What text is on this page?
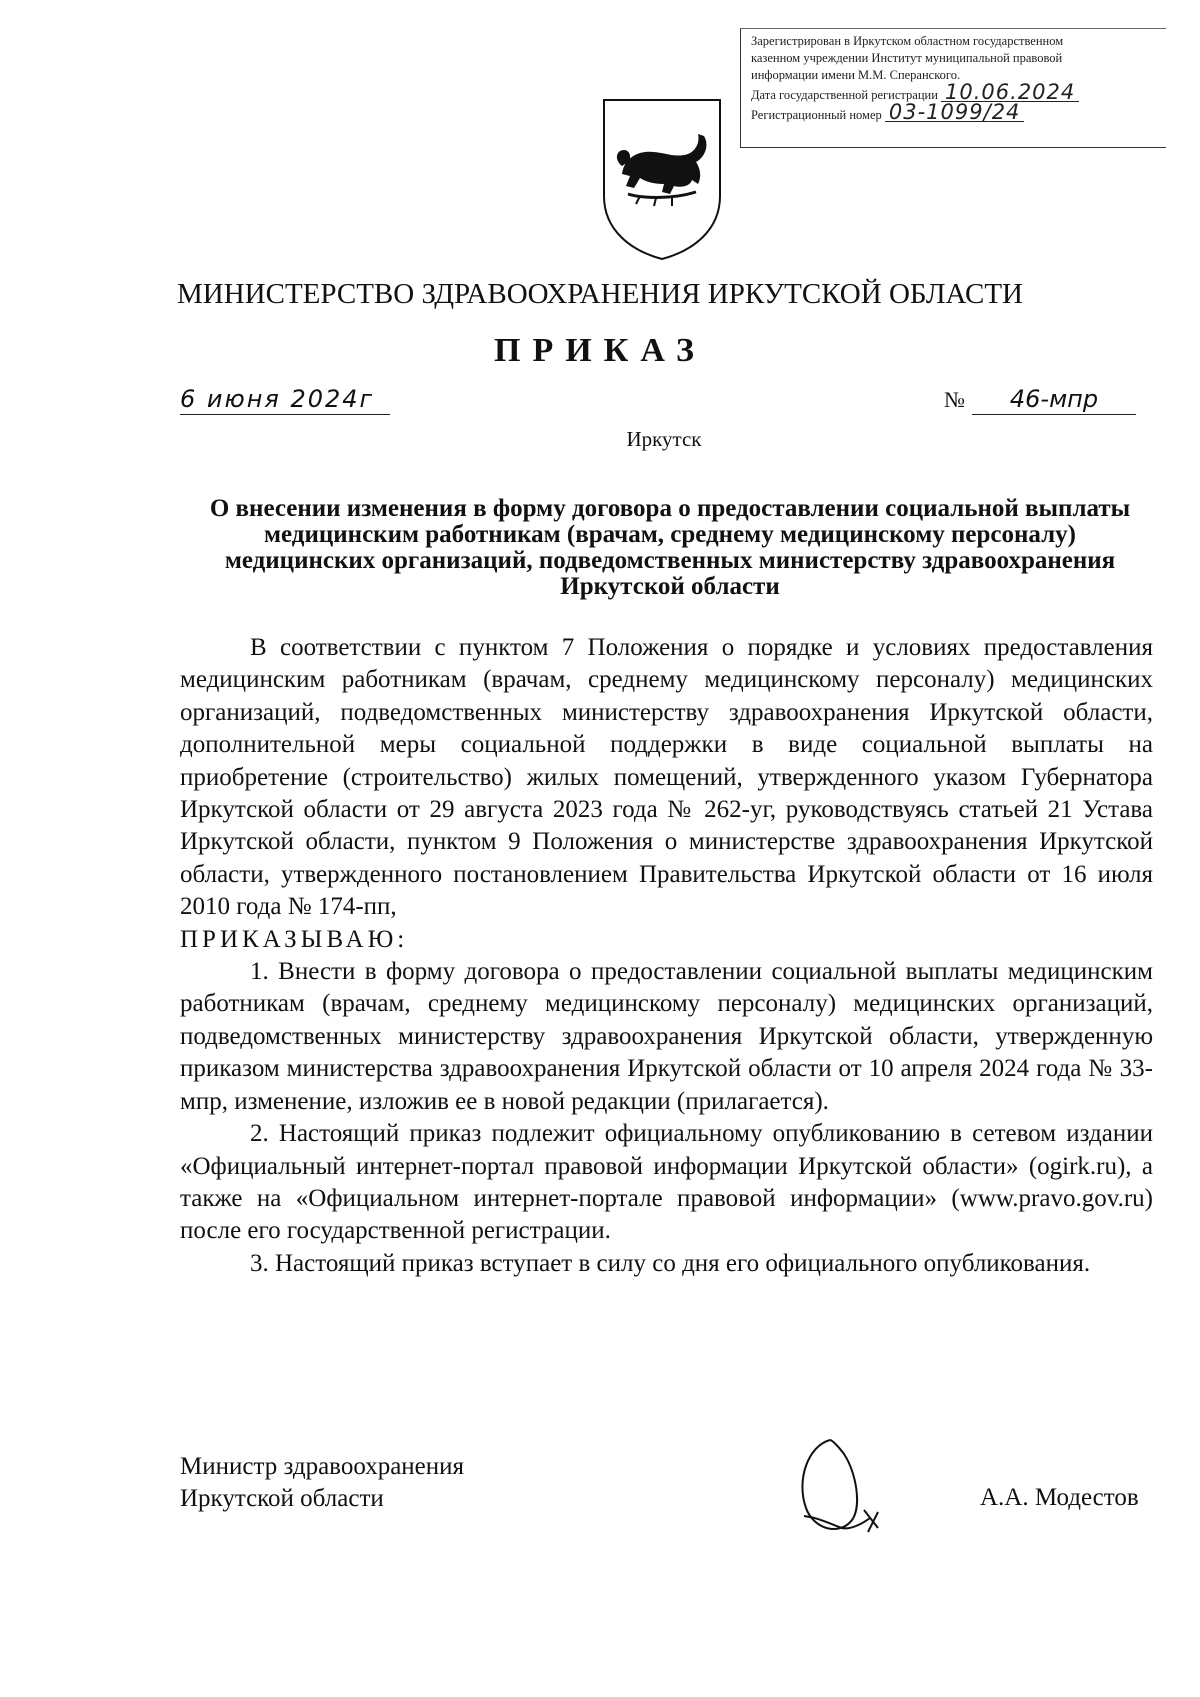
Зарегистрирован в Иркутском областном государственном
казенном учреждении Институт муниципальной правовой
информации имени М.М. Сперанского.
Дата государственной регистрации 10.06.2024
Регистрационный номер 03-1099/24
МИНИСТЕРСТВО ЗДРАВООХРАНЕНИЯ ИРКУТСКОЙ ОБЛАСТИ
ПРИКАЗ
6 июня 2024г	№	46-мпр
Иркутск
О внесении изменения в форму договора о предоставлении социальной выплаты медицинским работникам (врачам, среднему медицинскому персоналу) медицинских организаций, подведомственных министерству здравоохранения Иркутской области

В соответствии с пунктом 7 Положения о порядке и условиях предоставления медицинским работникам (врачам, среднему медицинскому персоналу) медицинских организаций, подведомственных министерству здравоохранения Иркутской области, дополнительной меры социальной поддержки в виде социальной выплаты на приобретение (строительство) жилых помещений, утвержденного указом Губернатора Иркутской области от 29 августа 2023 года № 262-уг, руководствуясь статьей 21 Устава Иркутской области, пунктом 9 Положения о министерстве здравоохранения Иркутской области, утвержденного постановлением Правительства Иркутской области от 16 июля 2010 года № 174-пп,

ПРИКАЗЫВАЮ:

1. Внести в форму договора о предоставлении социальной выплаты медицинским работникам (врачам, среднему медицинскому персоналу) медицинских организаций, подведомственных министерству здравоохранения Иркутской области, утвержденную приказом министерства здравоохранения Иркутской области от 10 апреля 2024 года № 33-мпр, изменение, изложив ее в новой редакции (прилагается).

2. Настоящий приказ подлежит официальному опубликованию в сетевом издании «Официальный интернет-портал правовой информации Иркутской области» (ogirk.ru), а также на «Официальном интернет-портале правовой информации» (www.pravo.gov.ru) после его государственной регистрации.

3. Настоящий приказ вступает в силу со дня его официального опубликования.

Министр здравоохранения
Иркутской области	А.А. Модестов
